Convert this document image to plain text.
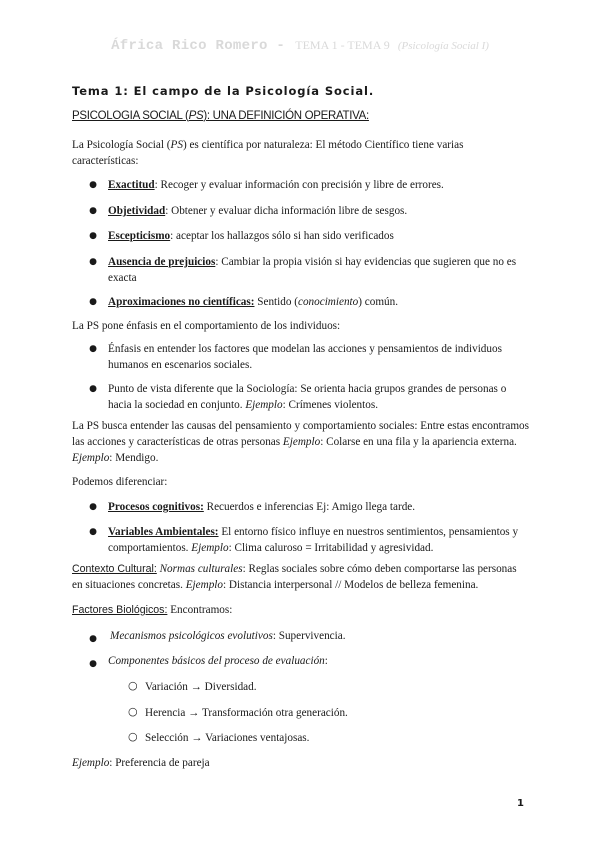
África Rico Romero - TEMA 1 - TEMA 9 (Psicología Social I)
Tema 1: El campo de la Psicología Social.
PSICOLOGIA SOCIAL (PS): UNA DEFINICIÓN OPERATIVA:
La Psicología Social (PS) es científica por naturaleza: El método Científico tiene varias
características:
● Exactitud: Recoger y evaluar información con precisión y libre de errores.
● Objetividad: Obtener y evaluar dicha información libre de sesgos.
● Escepticismo: aceptar los hallazgos sólo si han sido verificados
● Ausencia de prejuicios: Cambiar la propia visión si hay evidencias que sugieren que no es
exacta
● Aproximaciones no científicas: Sentido (conocimiento) común.
La PS pone énfasis en el comportamiento de los individuos:
● Énfasis en entender los factores que modelan las acciones y pensamientos de individuos
humanos en escenarios sociales.
● Punto de vista diferente que la Sociología: Se orienta hacia grupos grandes de personas o
hacia la sociedad en conjunto. Ejemplo: Crímenes violentos.
La PS busca entender las causas del pensamiento y comportamiento sociales: Entre estas encontramos
las acciones y características de otras personas Ejemplo: Colarse en una fila y la apariencia externa.
Ejemplo: Mendigo.
Podemos diferenciar:
● Procesos cognitivos: Recuerdos e inferencias Ej: Amigo llega tarde.
● Variables Ambientales: El entorno físico influye en nuestros sentimientos, pensamientos y
comportamientos. Ejemplo: Clima caluroso = Irritabilidad y agresividad.
Contexto Cultural: Normas culturales: Reglas sociales sobre cómo deben comportarse las personas
en situaciones concretas. Ejemplo: Distancia interpersonal // Modelos de belleza femenina.
Factores Biológicos: Encontramos:
● Mecanismos psicológicos evolutivos: Supervivencia.
● Componentes básicos del proceso de evaluación:
○ Variación → Diversidad.
○ Herencia → Transformación otra generación.
○ Selección → Variaciones ventajosas.
Ejemplo: Preferencia de pareja
1
